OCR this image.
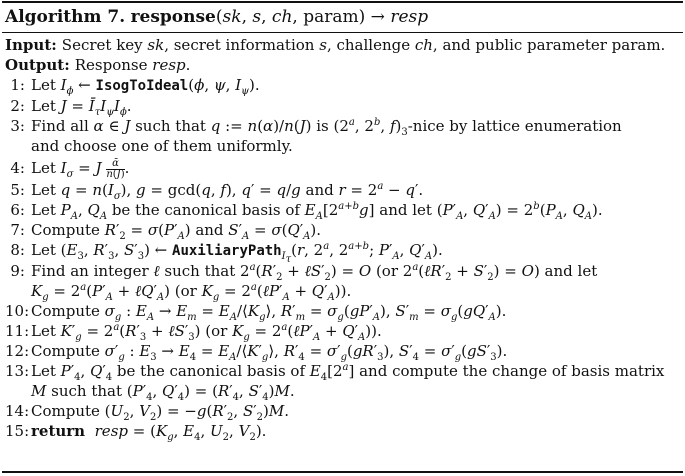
Algorithm 7. response(sk, s, ch, param) → resp
Input: Secret key sk, secret information s, challenge ch, and public parameter param.
Output: Response resp.
1: Let $I_\phi$ ← IsogToIdeal(ϕ, ψ, $I_\psi$).
2: Let $J = Ī_\tau I_\psi I_\phi$.
3: Find all α ∈ J such that q := n(α)/n(J) is (2$^a$, 2$^b$, $f)_3$-nice by lattice enumeration
and choose one of them uniformly.
4: Let $I_\sigma = J \frac{\text{ᾱ}}{n(J)}$ .
5: Let $q = n(I_\sigma)$, g = gcd(q, f), q′ = q/g and $r = 2^a - q'$.
6: Let $P_A$, $Q_A$ be the canonical basis of $E_A[2^{a+b}g]$ and let ($P'_A$, $Q'_A) = 2^b(P_A$, $Q_A$).
7: Compute $R'_2 = \sigma(P'_A)$ and $S'_A = \sigma(Q'_A)$.
8: Let ($E_3$, $R'_3$, $S'_3$) ← AuxiliaryPath$_{I_\tau}$(r, 2$^a$, $2^{a+b}$; $P'_A$, $Q'_A$).
9: Find an integer ℓ such that $2^a(R'_2$ + $\ell S'_2) = O$ (or $2^a(\ell R'_2 + S'_2) = O$) and let
$K_g = 2^a(P'_A$ + $\ell Q'_A$) (or $K_g$ = $2^a(\ell P'_A + Q'_A)$).
10: Compute $\sigma_g$ : $E_A \to E_m$ = $E_A/⟨K_g⟩$, $R'_m = \sigma_g(gP'_A)$, $S'_m = \sigma_g(gQ'_A)$.
11: Let $K'_g = 2^a(R'_3$ + $\ell S'_3$) (or $K_g$ = $2^a(\ell P'_A + Q'_A)$).
12: Compute $\sigma'_g$ : $E_3 \to E_4$ = $E_A/⟨K'_g⟩$, $R'_4 = \sigma'_g(gR'_3)$, $S'_4 = \sigma'_g(gS'_3)$.
13: Let $P'_4$, $Q'_4$ be the canonical basis of $E_4[2^a]$ and compute the change of basis matrix
M such that ($P'_4$, $Q'_4) = (R'_4$, $S'_4)M$.
14: Compute ($U_2$, $V_2) = -g(R'_2$, $S'_2)M$.
15: return resp = ($K_g$, $E_4$, $U_2$, $V_2$).
